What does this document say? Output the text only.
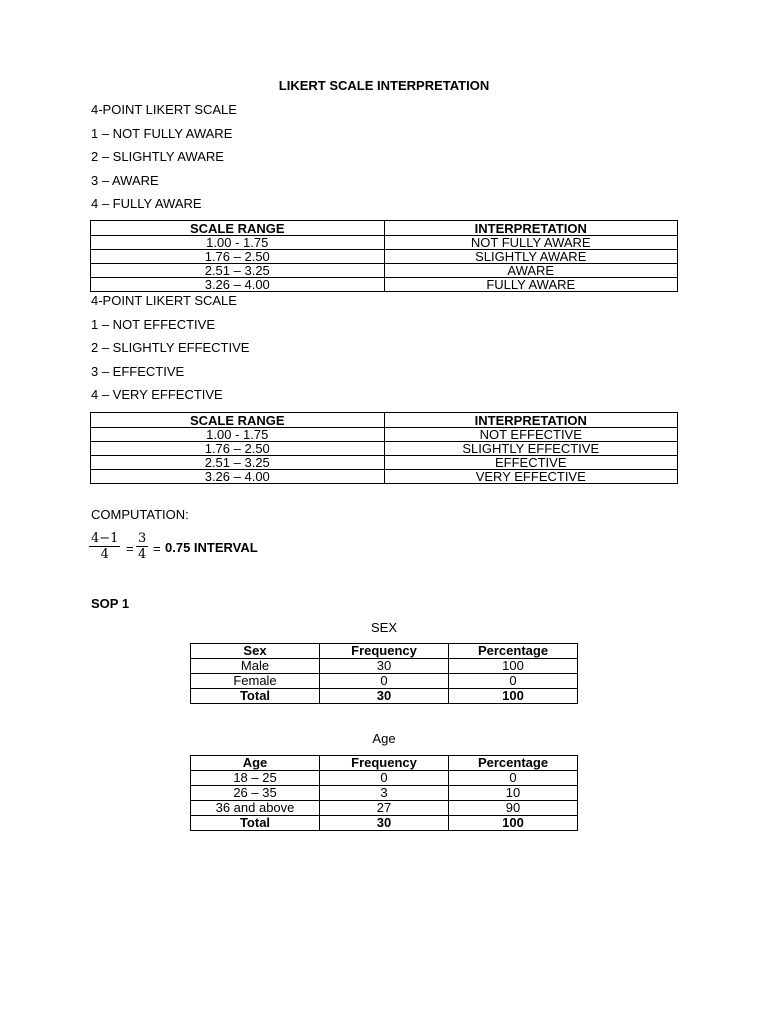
LIKERT SCALE INTERPRETATION
4-POINT LIKERT SCALE
1 – NOT FULLY AWARE
2 – SLIGHTLY AWARE
3 – AWARE
4 – FULLY AWARE
SCALE RANGE	INTERPRETATION
1.00 - 1.75	NOT FULLY AWARE
1.76 – 2.50	SLIGHTLY AWARE
2.51 – 3.25	AWARE
3.26 – 4.00	FULLY AWARE
4-POINT LIKERT SCALE
1 – NOT EFFECTIVE
2 – SLIGHTLY EFFECTIVE
3 – EFFECTIVE
4 – VERY EFFECTIVE
SCALE RANGE	INTERPRETATION
1.00 - 1.75	NOT EFFECTIVE
1.76 – 2.50	SLIGHTLY EFFECTIVE
2.51 – 3.25	EFFECTIVE
3.26 – 4.00	VERY EFFECTIVE
COMPUTATION:
$\frac{4-1}{4} = \frac{3}{4} = 0.75$ INTERVAL
SOP 1
SEX
Sex	Frequency	Percentage
Male	30	100
Female	0	0
Total	30	100
Age
Age	Frequency	Percentage
18 – 25	0	0
26 – 35	3	10
36 and above	27	90
Total	30	100
